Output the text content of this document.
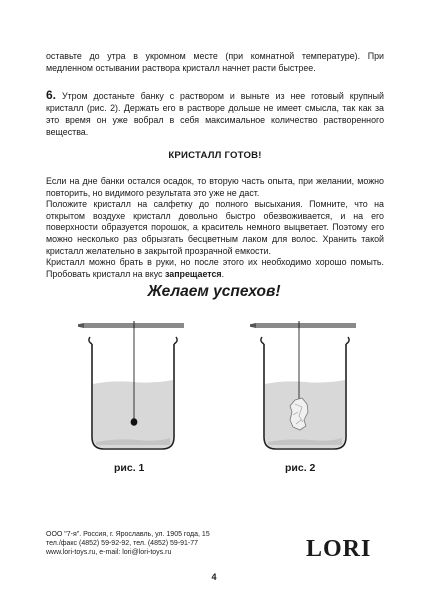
оставьте до утра в укромном месте (при комнатной температуре). При медленном остывании раствора кристалл начнет расти быстрее.
6. Утром достаньте банку с раствором и выньте из нее готовый крупный кристалл (рис. 2). Держать его в растворе дольше не имеет смысла, так как за это время он уже вобрал в себя максимальное количество растворенного вещества.
КРИСТАЛЛ ГОТОВ!
Если на дне банки остался осадок, то вторую часть опыта, при желании, можно повторить, но видимого результата это уже не даст.
Положите кристалл на салфетку до полного высыхания. Помните, что на открытом воздухе кристалл довольно быстро обезвоживается, и на его поверхности образуется порошок, а краситель немного выцветает. Поэтому его можно несколько раз обрызгать бесцветным лаком для волос. Хранить такой кристалл желательно в закрытой прозрачной емкости.
Кристалл можно брать в руки, но после этого их необходимо хорошо помыть. Пробовать кристалл на вкус запрещается.
Желаем успехов!
рис. 1	рис. 2
ООО "7-я". Россия, г. Ярославль, ул. 1905 года, 15
тел./факс (4852) 59-92-92, тел. (4852) 59-91-77
www.lori-toys.ru, e-mail: lori@lori-toys.ru	LORI
4
